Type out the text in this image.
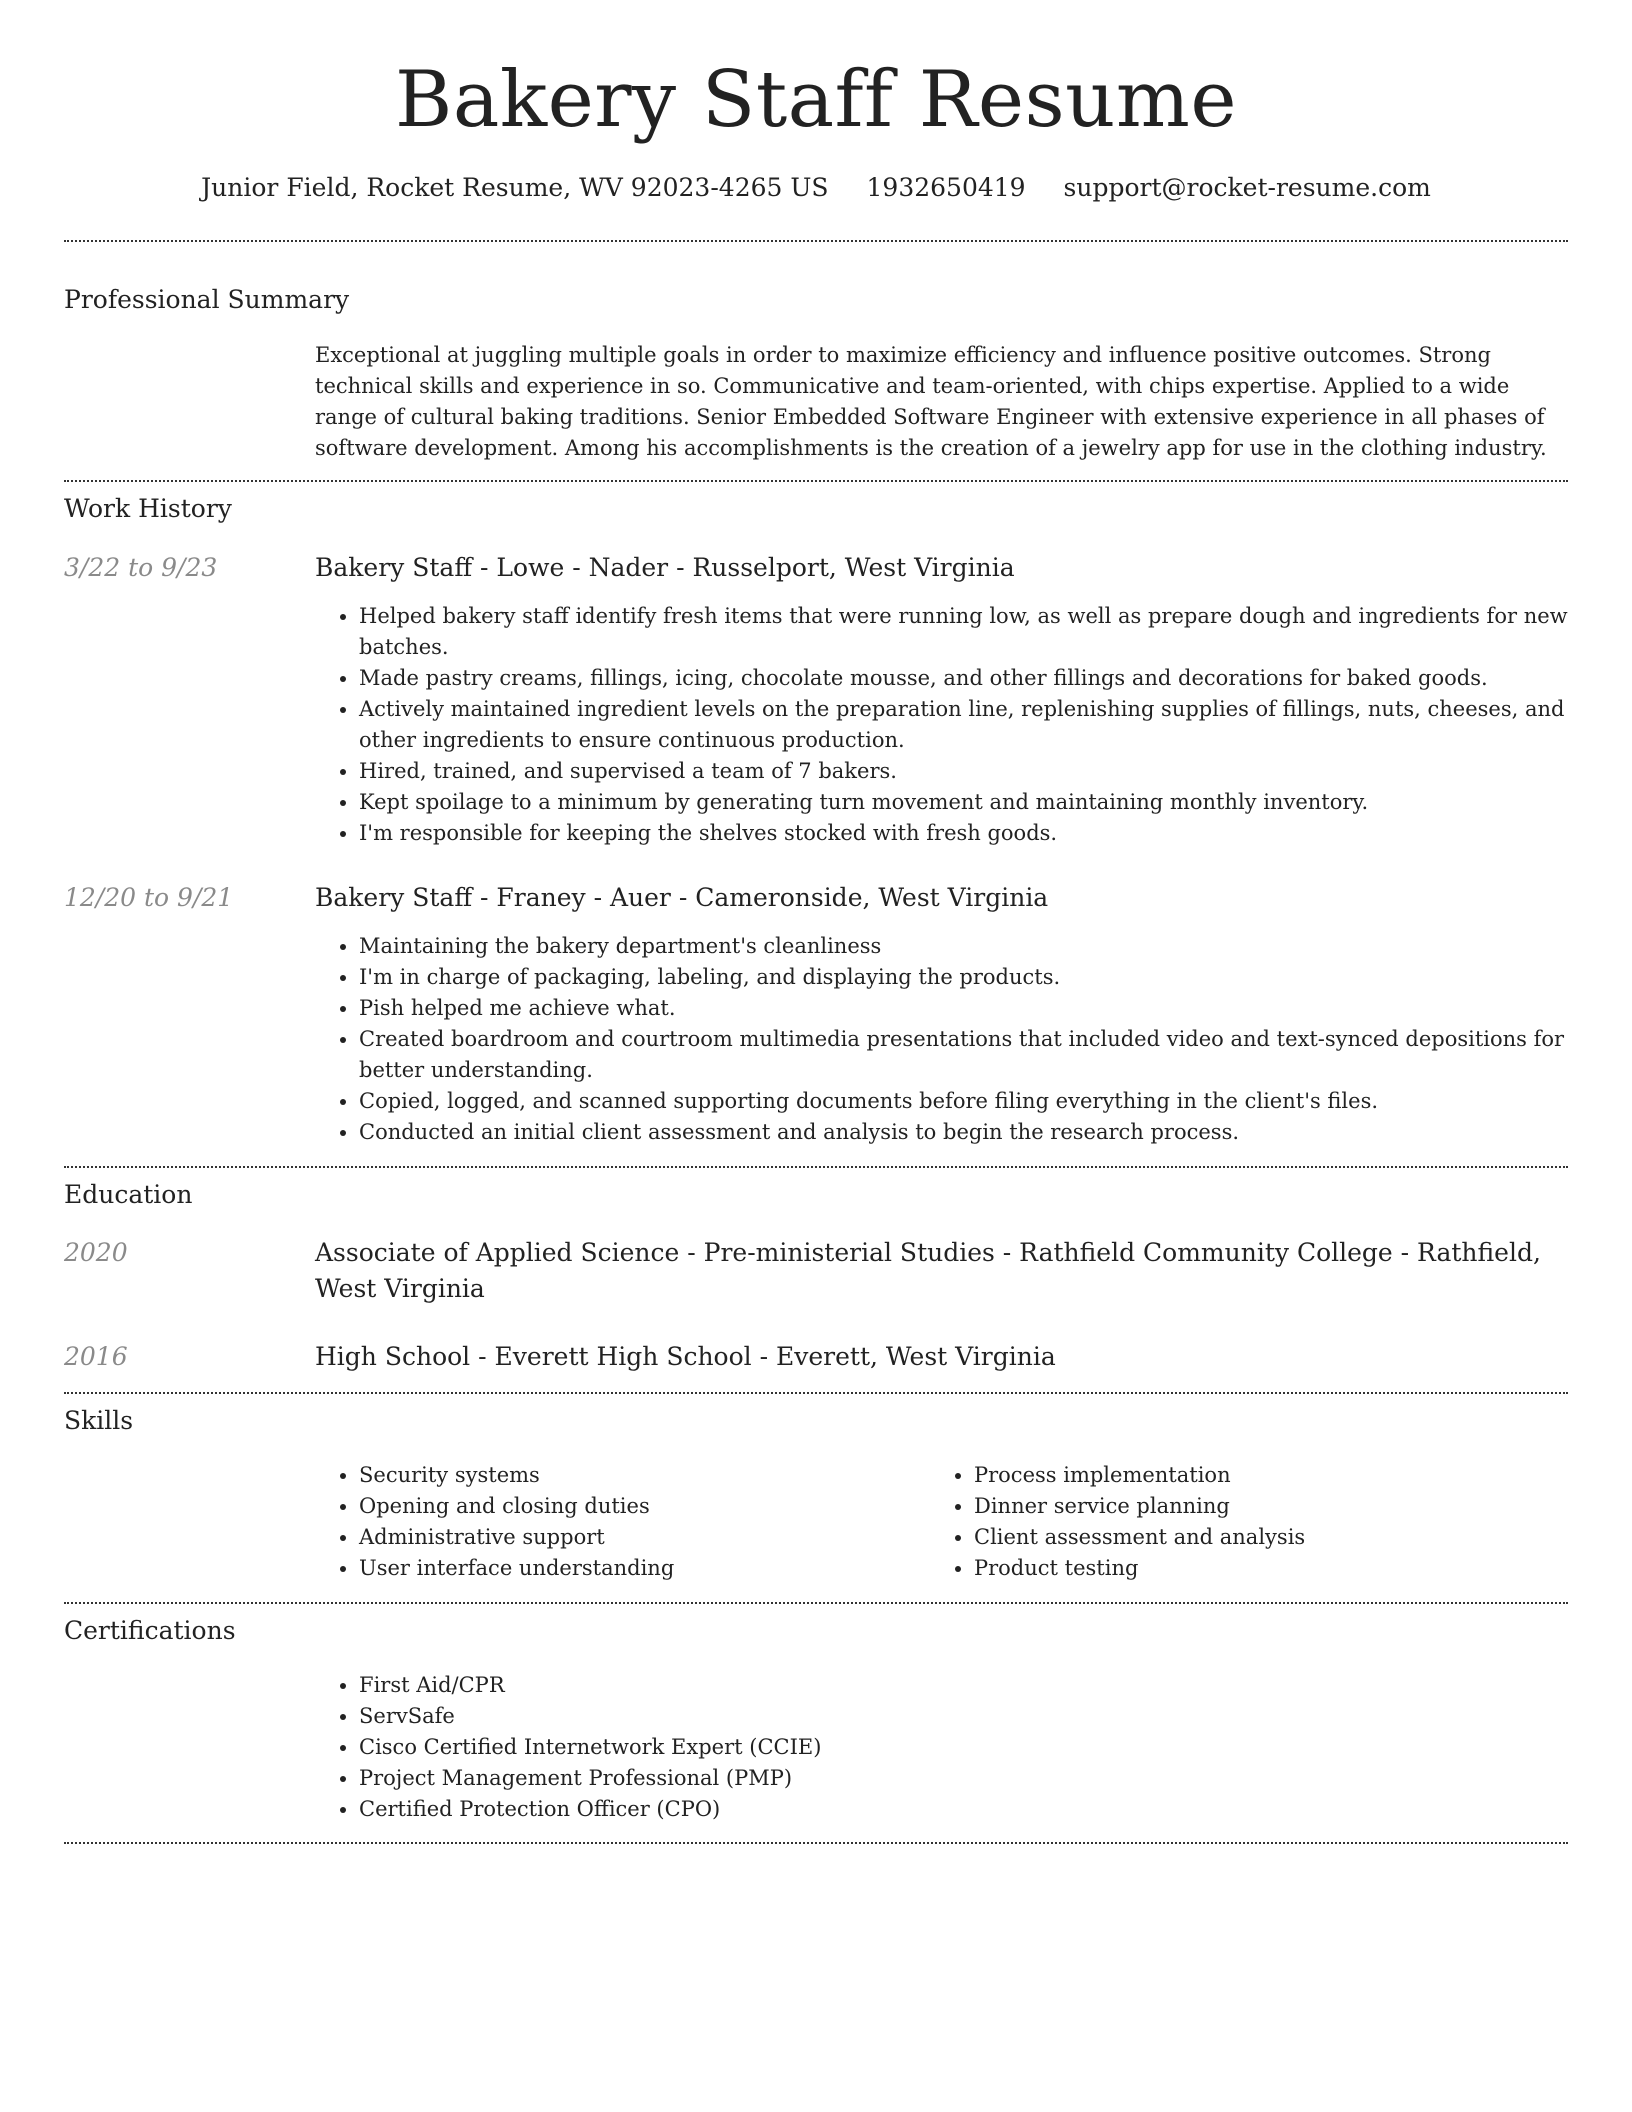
Bakery Staff Resume
Junior Field, Rocket Resume, WV 92023-4265 US 1932650419 support@rocket-resume.com
Professional Summary
Exceptional at juggling multiple goals in order to maximize efficiency and influence positive outcomes. Strong technical skills and experience in so. Communicative and team-oriented, with chips expertise. Applied to a wide range of cultural baking traditions. Senior Embedded Software Engineer with extensive experience in all phases of software development. Among his accomplishments is the creation of a jewelry app for use in the clothing industry.
Work History
3/22 to 9/23	Bakery Staff - Lowe - Nader - Russelport, West Virginia
• Helped bakery staff identify fresh items that were running low, as well as prepare dough and ingredients for new batches.
• Made pastry creams, fillings, icing, chocolate mousse, and other fillings and decorations for baked goods.
• Actively maintained ingredient levels on the preparation line, replenishing supplies of fillings, nuts, cheeses, and other ingredients to ensure continuous production.
• Hired, trained, and supervised a team of 7 bakers.
• Kept spoilage to a minimum by generating turn movement and maintaining monthly inventory.
• I'm responsible for keeping the shelves stocked with fresh goods.
12/20 to 9/21	Bakery Staff - Franey - Auer - Cameronside, West Virginia
• Maintaining the bakery department's cleanliness
• I'm in charge of packaging, labeling, and displaying the products.
• Pish helped me achieve what.
• Created boardroom and courtroom multimedia presentations that included video and text-synced depositions for better understanding.
• Copied, logged, and scanned supporting documents before filing everything in the client's files.
• Conducted an initial client assessment and analysis to begin the research process.
Education
2020	Associate of Applied Science - Pre-ministerial Studies - Rathfield Community College - Rathfield, West Virginia
2016	High School - Everett High School - Everett, West Virginia
Skills
• Security systems
• Opening and closing duties
• Administrative support
• User interface understanding
• Process implementation
• Dinner service planning
• Client assessment and analysis
• Product testing
Certifications
• First Aid/CPR
• ServSafe
• Cisco Certified Internetwork Expert (CCIE)
• Project Management Professional (PMP)
• Certified Protection Officer (CPO)
